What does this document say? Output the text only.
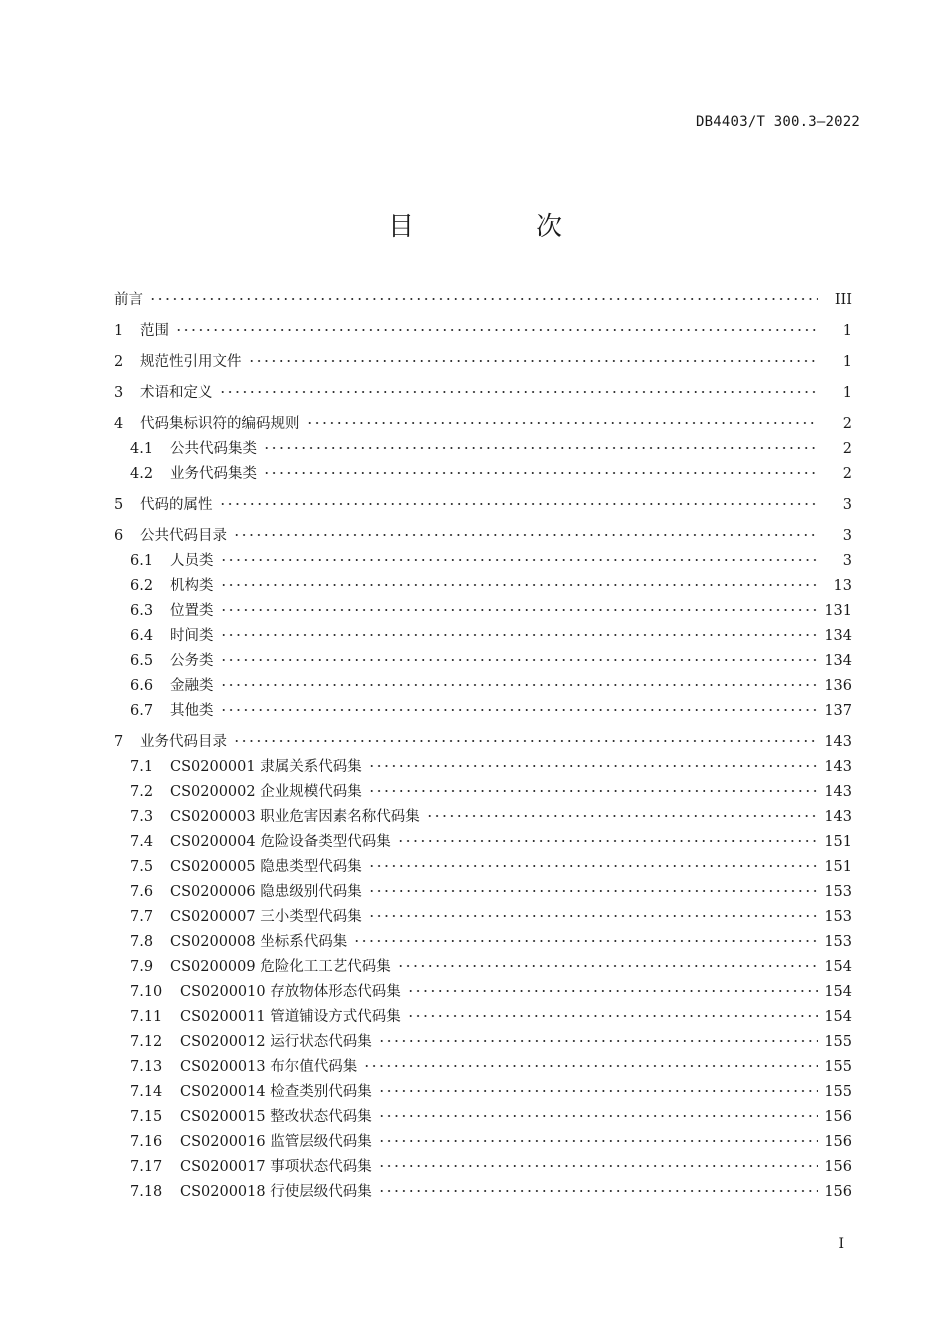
DB4403/T 300.3—2022
目　次
前言	III
1	范围	1
2	规范性引用文件	1
3	术语和定义	1
4	代码集标识符的编码规则	2
4.1	公共代码集类	2
4.2	业务代码集类	2
5	代码的属性	3
6	公共代码目录	3
6.1	人员类	3
6.2	机构类	13
6.3	位置类	131
6.4	时间类	134
6.5	公务类	134
6.6	金融类	136
6.7	其他类	137
7	业务代码目录	143
7.1	CS0200001 隶属关系代码集	143
7.2	CS0200002 企业规模代码集	143
7.3	CS0200003 职业危害因素名称代码集	143
7.4	CS0200004 危险设备类型代码集	151
7.5	CS0200005 隐患类型代码集	151
7.6	CS0200006 隐患级别代码集	153
7.7	CS0200007 三小类型代码集	153
7.8	CS0200008 坐标系代码集	153
7.9	CS0200009 危险化工工艺代码集	154
7.10	CS0200010 存放物体形态代码集	154
7.11	CS0200011 管道铺设方式代码集	154
7.12	CS0200012 运行状态代码集	155
7.13	CS0200013 布尔值代码集	155
7.14	CS0200014 检查类别代码集	155
7.15	CS0200015 整改状态代码集	156
7.16	CS0200016 监管层级代码集	156
7.17	CS0200017 事项状态代码集	156
7.18	CS0200018 行使层级代码集	156
I
